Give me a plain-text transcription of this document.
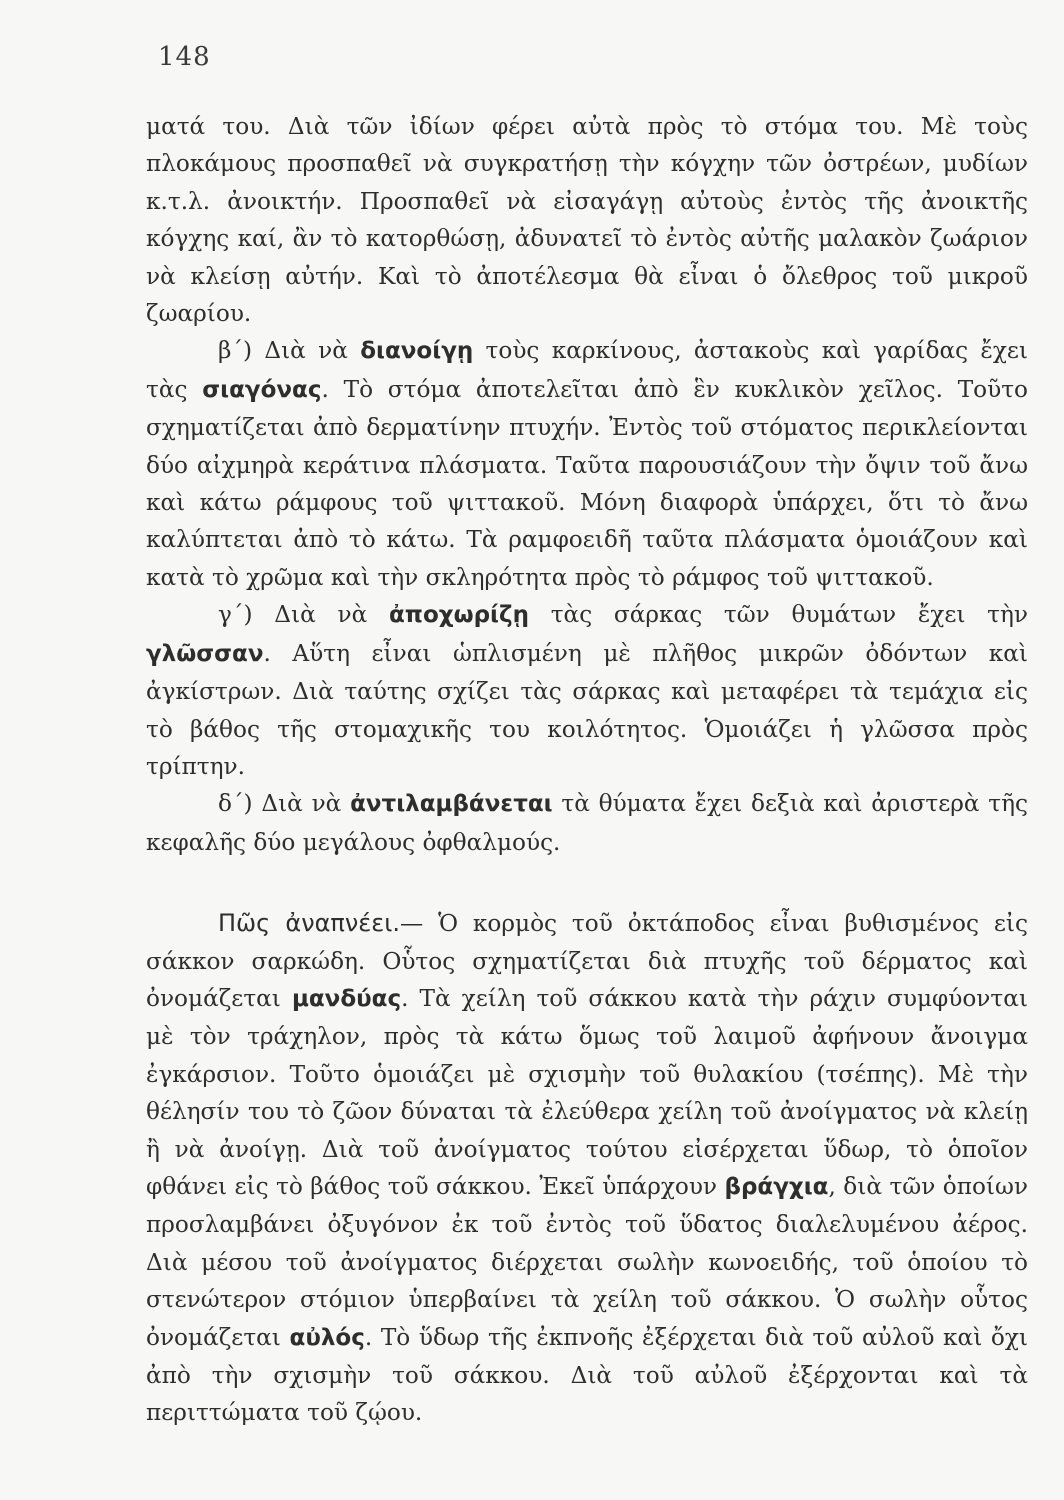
148

ματά του. Διὰ τῶν ἰδίων φέρει αὐτὰ πρὸς τὸ στόμα του. Μὲ τοὺς πλοκάμους προσπαθεῖ νὰ συγκρατήσῃ τὴν κόγχην τῶν ὀστρέων, μυδίων κ.τ.λ. ἀνοικτήν. Προσπαθεῖ νὰ εἰσαγάγῃ αὐτοὺς ἐντὸς τῆς ἀνοικτῆς κόγχης καί, ἂν τὸ κατορθώσῃ, ἀδυνατεῖ τὸ ἐντὸς αὐτῆς μαλακὸν ζωάριον νὰ κλείσῃ αὐτήν. Καὶ τὸ ἀποτέλεσμα θὰ εἶναι ὁ ὄλεθρος τοῦ μικροῦ ζωαρίου.

β΄) Διὰ νὰ διανοίγῃ τοὺς καρκίνους, ἀστακοὺς καὶ γαρίδας ἔχει τὰς σιαγόνας. Τὸ στόμα ἀποτελεῖται ἀπὸ ἓν κυκλικὸν χεῖλος. Τοῦτο σχηματίζεται ἀπὸ δερματίνην πτυχήν. Ἐντὸς τοῦ στόματος περικλείονται δύο αἰχμηρὰ κεράτινα πλάσματα. Ταῦτα παρουσιάζουν τὴν ὄψιν τοῦ ἄνω καὶ κάτω ράμφους τοῦ ψιττακοῦ. Μόνη διαφορὰ ὑπάρχει, ὅτι τὸ ἄνω καλύπτεται ἀπὸ τὸ κάτω. Τὰ ραμφοειδῆ ταῦτα πλάσματα ὁμοιάζουν καὶ κατὰ τὸ χρῶμα καὶ τὴν σκληρότητα πρὸς τὸ ράμφος τοῦ ψιττακοῦ.

γ΄) Διὰ νὰ ἀποχωρίζῃ τὰς σάρκας τῶν θυμάτων ἔχει τὴν γλῶσσαν. Αὕτη εἶναι ὡπλισμένη μὲ πλῆθος μικρῶν ὀδόντων καὶ ἀγκίστρων. Διὰ ταύτης σχίζει τὰς σάρκας καὶ μεταφέρει τὰ τεμάχια εἰς τὸ βάθος τῆς στομαχικῆς του κοιλότητος. Ὁμοιάζει ἡ γλῶσσα πρὸς τρίπτην.

δ΄) Διὰ νὰ ἀντιλαμβάνεται τὰ θύματα ἔχει δεξιὰ καὶ ἀριστερὰ τῆς κεφαλῆς δύο μεγάλους ὀφθαλμούς.

Πῶς ἀναπνέει.— Ὁ κορμὸς τοῦ ὀκτάποδος εἶναι βυθισμένος εἰς σάκκον σαρκώδη. Οὗτος σχηματίζεται διὰ πτυχῆς τοῦ δέρματος καὶ ὀνομάζεται μανδύας. Τὰ χείλη τοῦ σάκκου κατὰ τὴν ράχιν συμφύονται μὲ τὸν τράχηλον, πρὸς τὰ κάτω ὅμως τοῦ λαιμοῦ ἀφήνουν ἄνοιγμα ἐγκάρσιον. Τοῦτο ὁμοιάζει μὲ σχισμὴν τοῦ θυλακίου (τσέπης). Μὲ τὴν θέλησίν του τὸ ζῶον δύναται τὰ ἐλεύθερα χείλη τοῦ ἀνοίγματος νὰ κλείῃ ἢ νὰ ἀνοίγῃ. Διὰ τοῦ ἀνοίγματος τούτου εἰσέρχεται ὕδωρ, τὸ ὁποῖον φθάνει εἰς τὸ βάθος τοῦ σάκκου. Ἐκεῖ ὑπάρχουν βράγχια, διὰ τῶν ὁποίων προσλαμβάνει ὀξυγόνον ἐκ τοῦ ἐντὸς τοῦ ὕδατος διαλελυμένου ἀέρος. Διὰ μέσου τοῦ ἀνοίγματος διέρχεται σωλὴν κωνοειδής, τοῦ ὁποίου τὸ στενώτερον στόμιον ὑπερβαίνει τὰ χείλη τοῦ σάκκου. Ὁ σωλὴν οὗτος ὀνομάζεται αὐλός. Τὸ ὕδωρ τῆς ἐκπνοῆς ἐξέρχεται διὰ τοῦ αὐλοῦ καὶ ὄχι ἀπὸ τὴν σχισμὴν τοῦ σάκκου. Διὰ τοῦ αὐλοῦ ἐξέρχονται καὶ τὰ περιττώματα τοῦ ζῴου.
